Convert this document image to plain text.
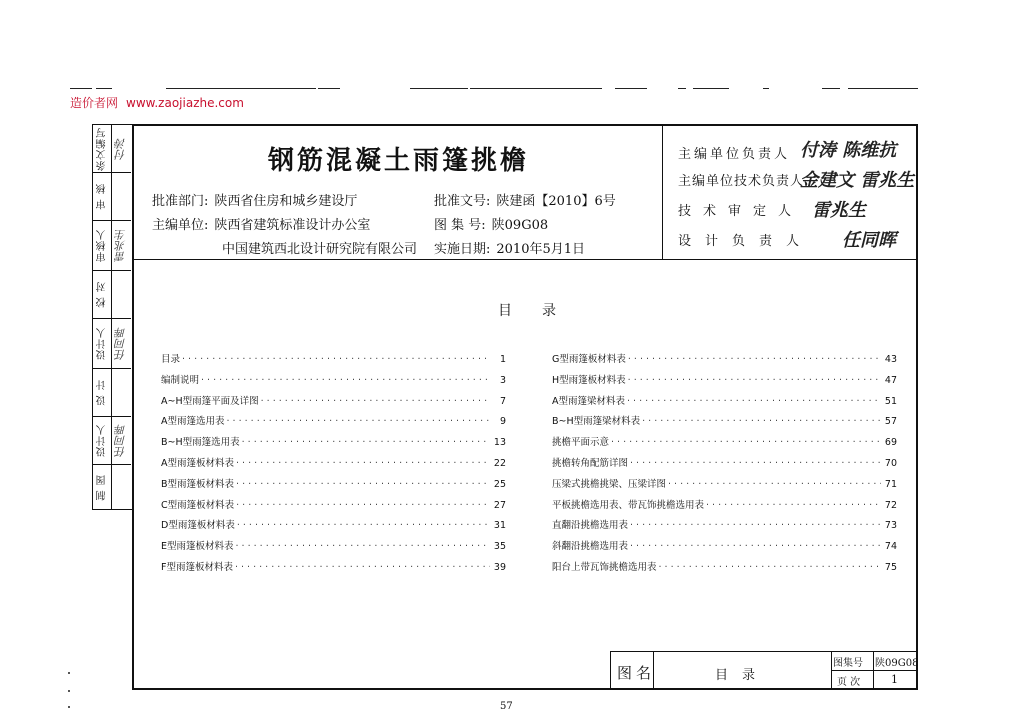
造价者网 www.zaojiazhe.com
条文编写 付涛
审 核
审核人 雷兆生
校 对
设计人 任同晖
设 计
设计人 任同晖
制 图
钢筋混凝土雨篷挑檐
批准部门: 陕西省住房和城乡建设厅
主编单位: 陕西省建筑标准设计办公室
中国建筑西北设计研究院有限公司
批准文号: 陕建函【2010】6号
图 集 号: 陕09G08
实施日期: 2010年5月1日
主编单位负责人 付涛 陈维抗
主编单位技术负责人
金建文 雷兆生
技术审定人 雷兆生
设计负责人 任同晖
目录
目录 · · ·	1
编制说明 · · ·	3
A~H型雨篷平面及详图 · · ·	7
A型雨篷选用表 · · ·	9
B~H型雨篷选用表 · · ·	13
A型雨篷板材料表 · · ·	22
B型雨篷板材料表 · · ·	25
C型雨篷板材料表 · · ·	27
D型雨篷板材料表 · · ·	31
E型雨篷板材料表 · · ·	35
F型雨篷板材料表 · · ·	39
G型雨篷板材料表 · · ·	43
H型雨篷板材料表 · · ·	47
A型雨篷梁材料表 · · ·	51
B~H型雨篷梁材料表 · · ·	57
挑檐平面示意 · · ·	69
挑檐转角配筋详图 · · ·	70
压梁式挑檐挑梁、压梁详图 · · ·	71
平板挑檐选用表、带瓦饰挑檐选用表 · · ·	72
直翻沿挑檐选用表 · · ·	73
斜翻沿挑檐选用表 · · ·	74
阳台上带瓦饰挑檐选用表 · · ·	75
图名	目录
图集号 陕09G08
页 次	1
57
